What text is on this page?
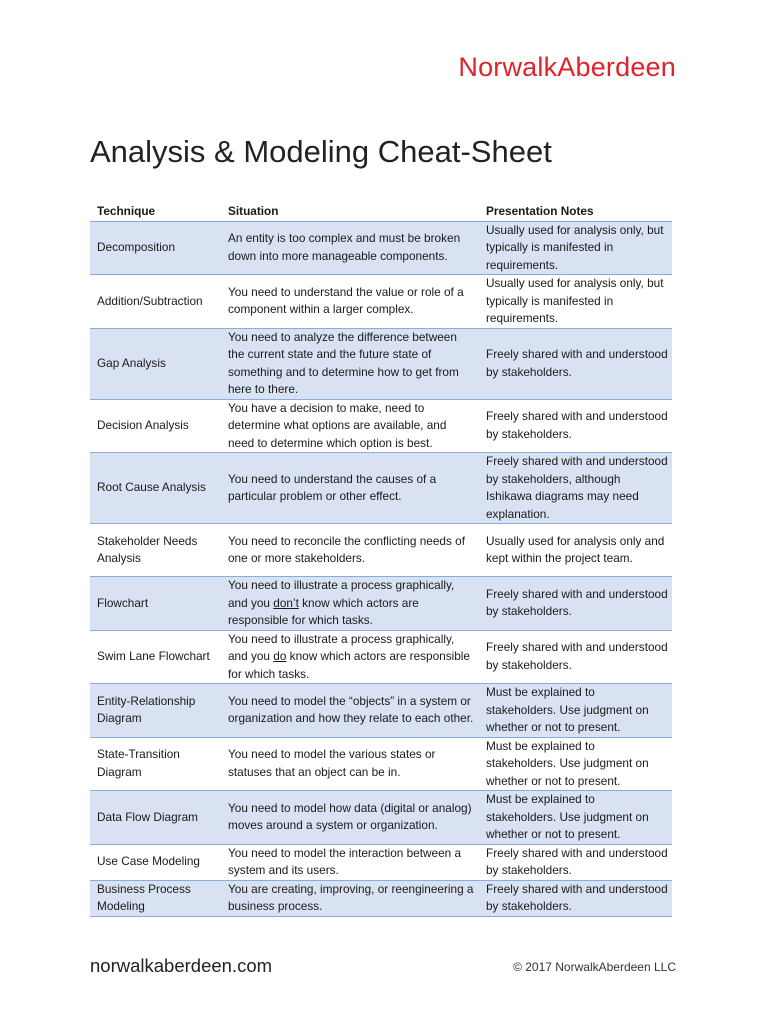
NorwalkAberdeen
Analysis & Modeling Cheat-Sheet
Technique	Situation	Presentation Notes
Decomposition	An entity is too complex and must be broken down into more manageable components.	Usually used for analysis only, but typically is manifested in requirements.
Addition/Subtraction	You need to understand the value or role of a component within a larger complex.	Usually used for analysis only, but typically is manifested in requirements.
Gap Analysis	You need to analyze the difference between the current state and the future state of something and to determine how to get from here to there.	Freely shared with and understood by stakeholders.
Decision Analysis	You have a decision to make, need to determine what options are available, and need to determine which option is best.	Freely shared with and understood by stakeholders.
Root Cause Analysis	You need to understand the causes of a particular problem or other effect.	Freely shared with and understood by stakeholders, although Ishikawa diagrams may need explanation.
Stakeholder Needs Analysis	You need to reconcile the conflicting needs of one or more stakeholders.	Usually used for analysis only and kept within the project team.
Flowchart	You need to illustrate a process graphically, and you don’t know which actors are responsible for which tasks.	Freely shared with and understood by stakeholders.
Swim Lane Flowchart	You need to illustrate a process graphically, and you do know which actors are responsible for which tasks.	Freely shared with and understood by stakeholders.
Entity-Relationship Diagram	You need to model the “objects” in a system or organization and how they relate to each other.	Must be explained to stakeholders. Use judgment on whether or not to present.
State-Transition Diagram	You need to model the various states or statuses that an object can be in.	Must be explained to stakeholders. Use judgment on whether or not to present.
Data Flow Diagram	You need to model how data (digital or analog) moves around a system or organization.	Must be explained to stakeholders. Use judgment on whether or not to present.
Use Case Modeling	You need to model the interaction between a system and its users.	Freely shared with and understood by stakeholders.
Business Process Modeling	You are creating, improving, or reengineering a business process.	Freely shared with and understood by stakeholders.
norwalkaberdeen.com	© 2017 NorwalkAberdeen LLC
